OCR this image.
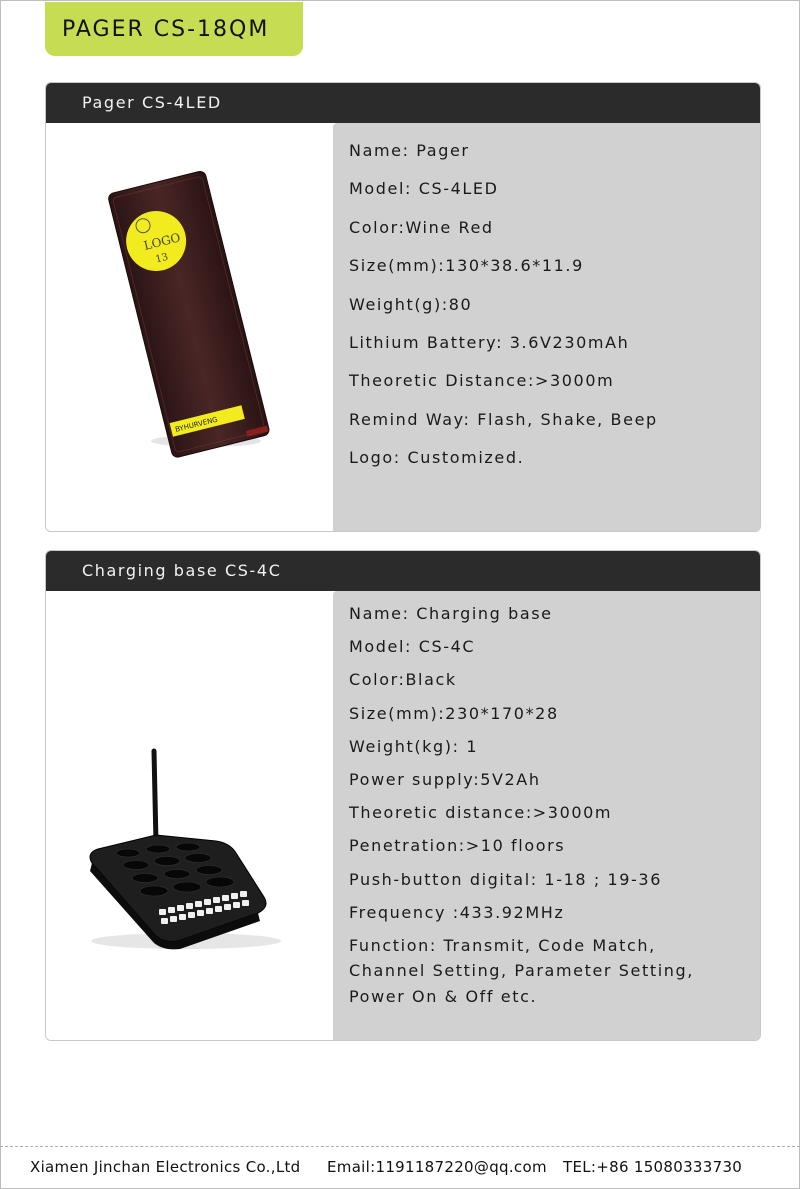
PAGER CS-18QM
Pager CS-4LED
LOGO
13
BYHURVENG
Name: Pager
Model: CS-4LED
Color:Wine Red
Size(mm):130*38.6*11.9
Weight(g):80
Lithium Battery: 3.6V230mAh
Theoretic Distance:>3000m
Remind Way: Flash, Shake, Beep
Logo: Customized.
Charging base CS-4C
Name: Charging base
Model: CS-4C
Color:Black
Size(mm):230*170*28
Weight(kg): 1
Power supply:5V2Ah
Theoretic distance:>3000m
Penetration:>10 floors
Push-button digital: 1-18 ; 19-36
Frequency :433.92MHz
Function: Transmit, Code Match,
Channel Setting, Parameter Setting,
Power On & Off etc.
Xiamen Jinchan Electronics Co.,Ltd Email:1191187220@qq.com TEL:+86 15080333730
